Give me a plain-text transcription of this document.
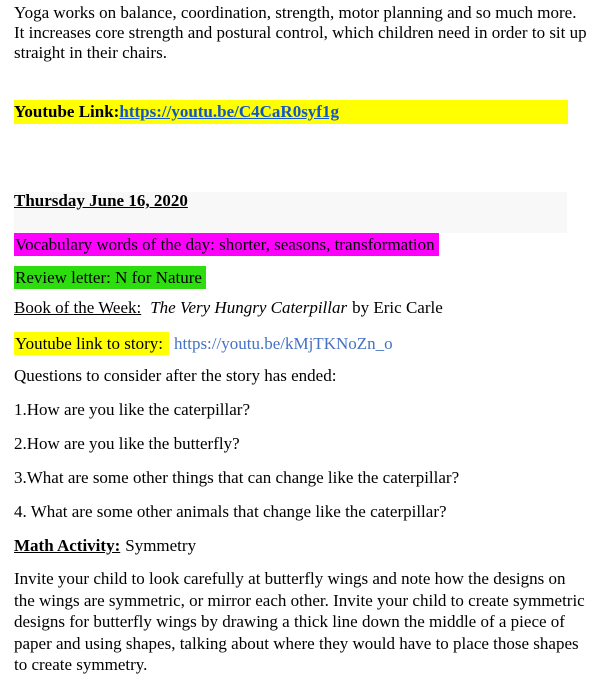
Yoga works on balance, coordination, strength, motor planning and so much more. It increases core strength and postural control, which children need in order to sit up straight in their chairs.

Youtube Link:https://youtu.be/C4CaR0syf1g
Thursday June 16, 2020
Vocabulary words of the day: shorter, seasons, transformation
Review letter: N for Nature
Book of the Week: The Very Hungry Caterpillar by Eric Carle
Youtube link to story: https://youtu.be/kMjTKNoZn_o

Questions to consider after the story has ended:

1.How are you like the caterpillar?

2.How are you like the butterfly?

3.What are some other things that can change like the caterpillar?

4. What are some other animals that change like the caterpillar?

Math Activity: Symmetry

Invite your child to look carefully at butterfly wings and note how the designs on the wings are symmetric, or mirror each other. Invite your child to create symmetric designs for butterfly wings by drawing a thick line down the middle of a piece of paper and using shapes, talking about where they would have to place those shapes to create symmetry.
